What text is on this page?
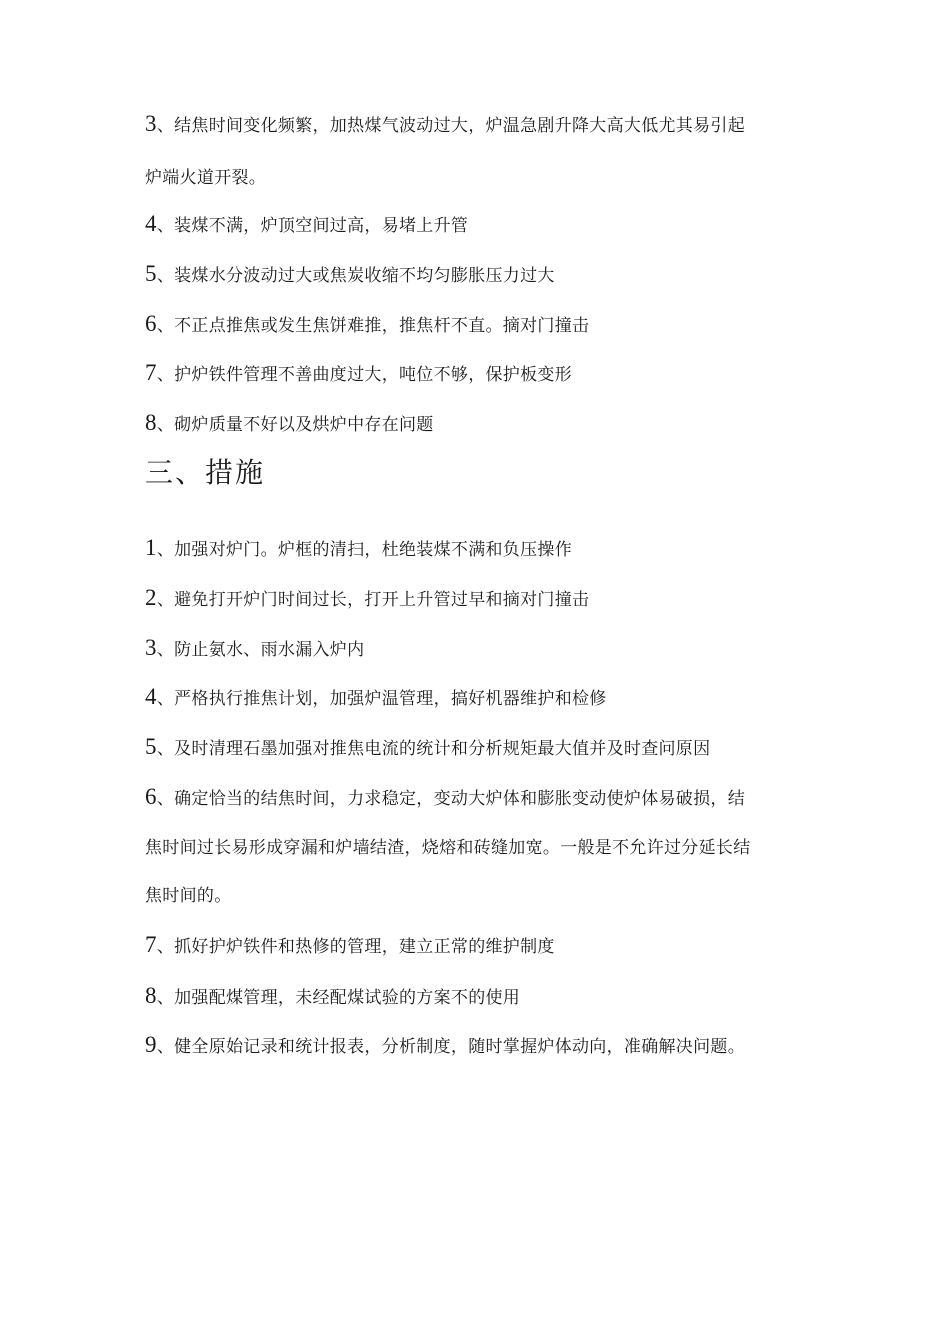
3、结焦时间变化频繁，加热煤气波动过大，炉温急剧升降大高大低尤其易引起
炉端火道开裂。
4、装煤不满，炉顶空间过高，易堵上升管
5、装煤水分波动过大或焦炭收缩不均匀膨胀压力过大
6、不正点推焦或发生焦饼难推，推焦杆不直。摘对门撞击
7、护炉铁件管理不善曲度过大，吨位不够，保护板变形
8、砌炉质量不好以及烘炉中存在问题
三、措施
1、加强对炉门。炉框的清扫，杜绝装煤不满和负压操作
2、避免打开炉门时间过长，打开上升管过早和摘对门撞击
3、防止氨水、雨水漏入炉内
4、严格执行推焦计划，加强炉温管理，搞好机器维护和检修
5、及时清理石墨加强对推焦电流的统计和分析规矩最大值并及时查问原因
6、确定恰当的结焦时间，力求稳定，变动大炉体和膨胀变动使炉体易破损，结
焦时间过长易形成穿漏和炉墙结渣，烧熔和砖缝加宽。一般是不允许过分延长结
焦时间的。
7、抓好护炉铁件和热修的管理，建立正常的维护制度
8、加强配煤管理，未经配煤试验的方案不的使用
9、健全原始记录和统计报表，分析制度，随时掌握炉体动向，准确解决问题。
